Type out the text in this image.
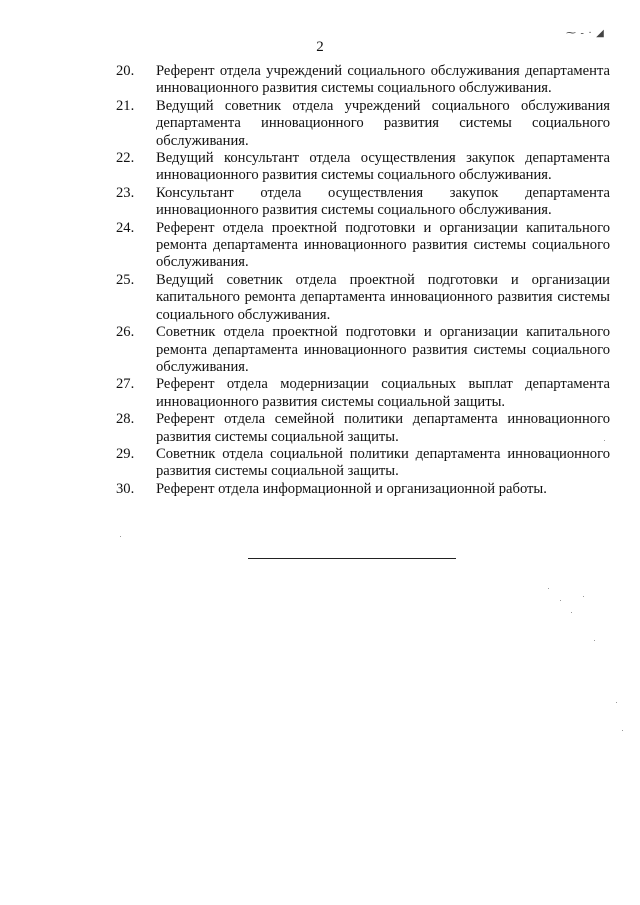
2
⁓ - · ◢
20. Референт отдела учреждений социального обслуживания департамента инновационного развития системы социального обслуживания.
21. Ведущий советник отдела учреждений социального обслуживания департамента инновационного развития системы социального обслуживания.
22. Ведущий консультант отдела осуществления закупок департамента инновационного развития системы социального обслуживания.
23. Консультант отдела осуществления закупок департамента инновационного развития системы социального обслуживания.
24. Референт отдела проектной подготовки и организации капитального ремонта департамента инновационного развития системы социального обслуживания.
25. Ведущий советник отдела проектной подготовки и организации капитального ремонта департамента инновационного развития системы социального обслуживания.
26. Советник отдела проектной подготовки и организации капитального ремонта департамента инновационного развития системы социального обслуживания.
27. Референт отдела модернизации социальных выплат департамента инновационного развития системы социальной защиты.
28. Референт отдела семейной политики департамента инновационного развития системы социальной защиты.
29. Советник отдела социальной политики департамента инновационного развития системы социальной защиты.
30. Референт отдела информационной и организационной работы.
